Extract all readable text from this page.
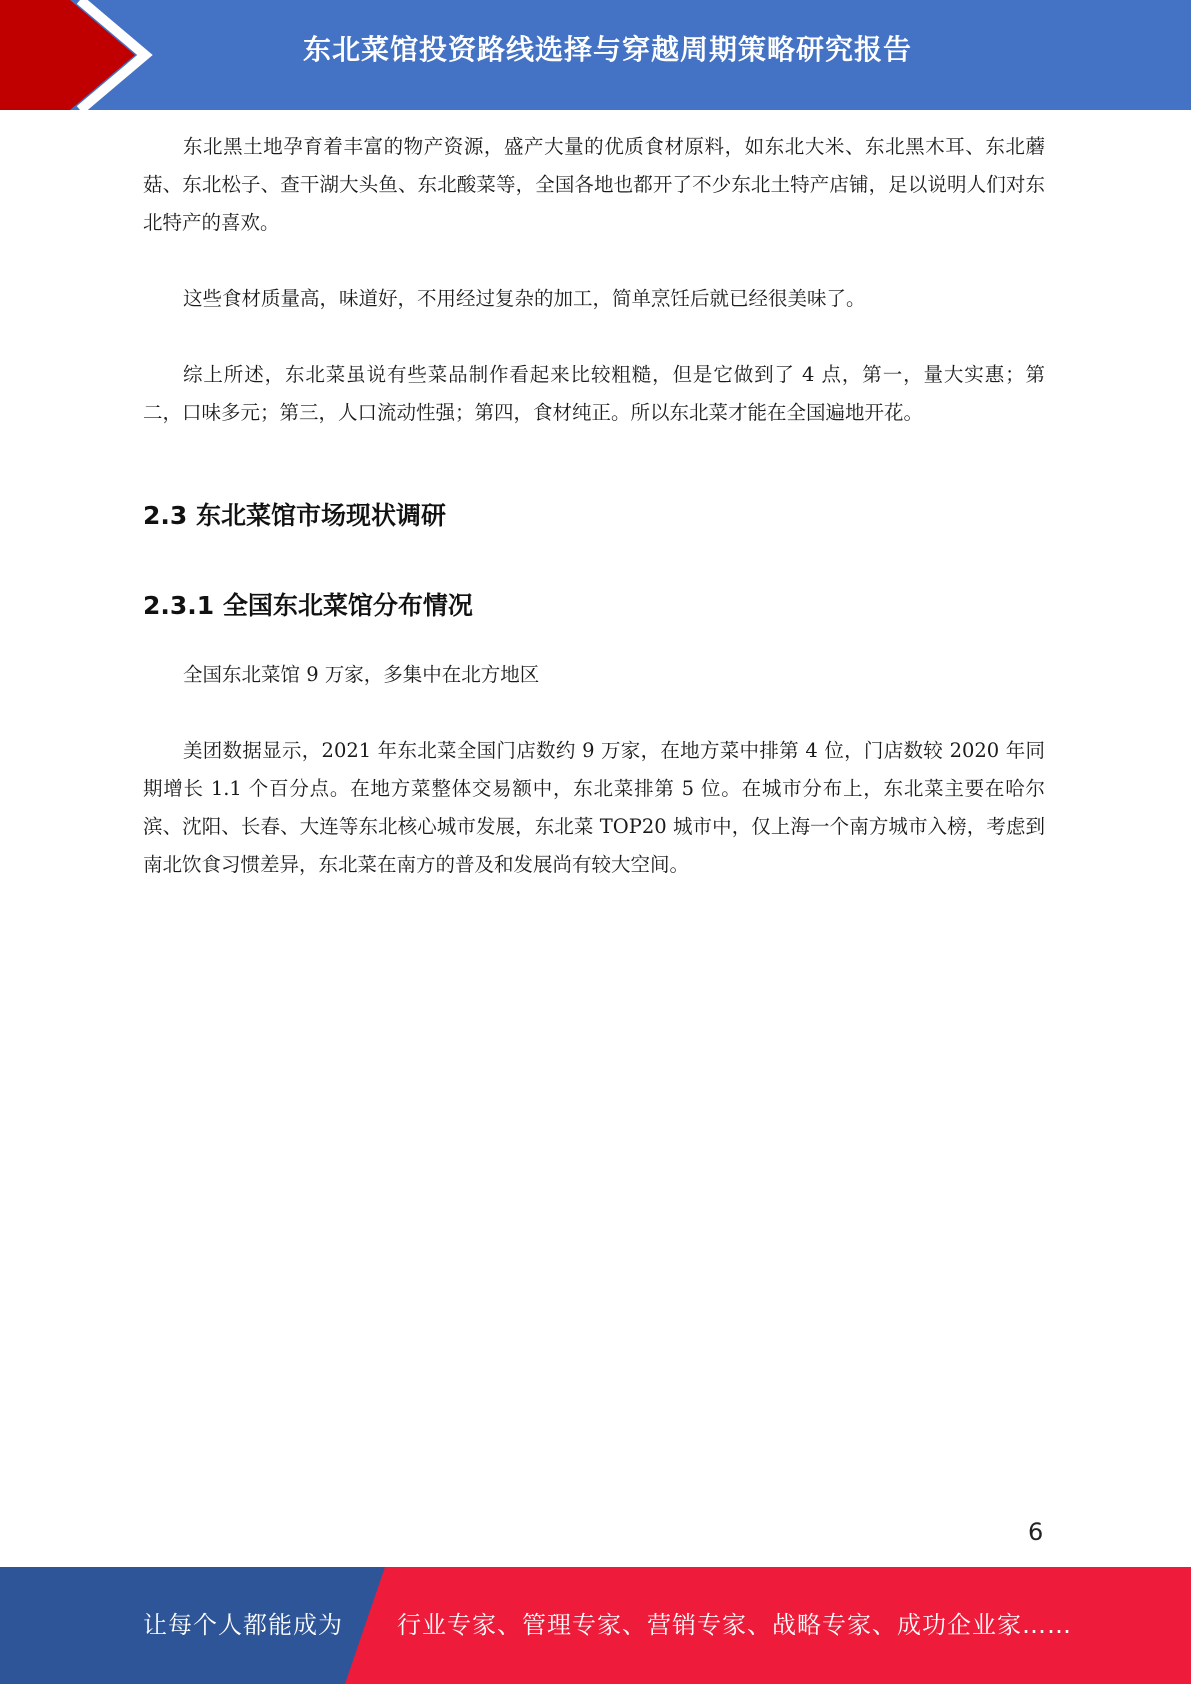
东北菜馆投资路线选择与穿越周期策略研究报告

东北黑土地孕育着丰富的物产资源，盛产大量的优质食材原料，如东北大米、东北黑木耳、东北蘑菇、东北松子、查干湖大头鱼、东北酸菜等，全国各地也都开了不少东北土特产店铺，足以说明人们对东北特产的喜欢。

这些食材质量高，味道好，不用经过复杂的加工，简单烹饪后就已经很美味了。

综上所述，东北菜虽说有些菜品制作看起来比较粗糙，但是它做到了 4 点，第一，量大实惠；第二，口味多元；第三，人口流动性强；第四，食材纯正。所以东北菜才能在全国遍地开花。

2.3 东北菜馆市场现状调研
2.3.1 全国东北菜馆分布情况

全国东北菜馆 9 万家，多集中在北方地区

美团数据显示，2021 年东北菜全国门店数约 9 万家，在地方菜中排第 4 位，门店数较 2020 年同期增长 1.1 个百分点。在地方菜整体交易额中，东北菜排第 5 位。在城市分布上，东北菜主要在哈尔滨、沈阳、长春、大连等东北核心城市发展，东北菜 TOP20 城市中，仅上海一个南方城市入榜，考虑到南北饮食习惯差异，东北菜在南方的普及和发展尚有较大空间。

6
让每个人都能成为 行业专家、管理专家、营销专家、战略专家、成功企业家……
